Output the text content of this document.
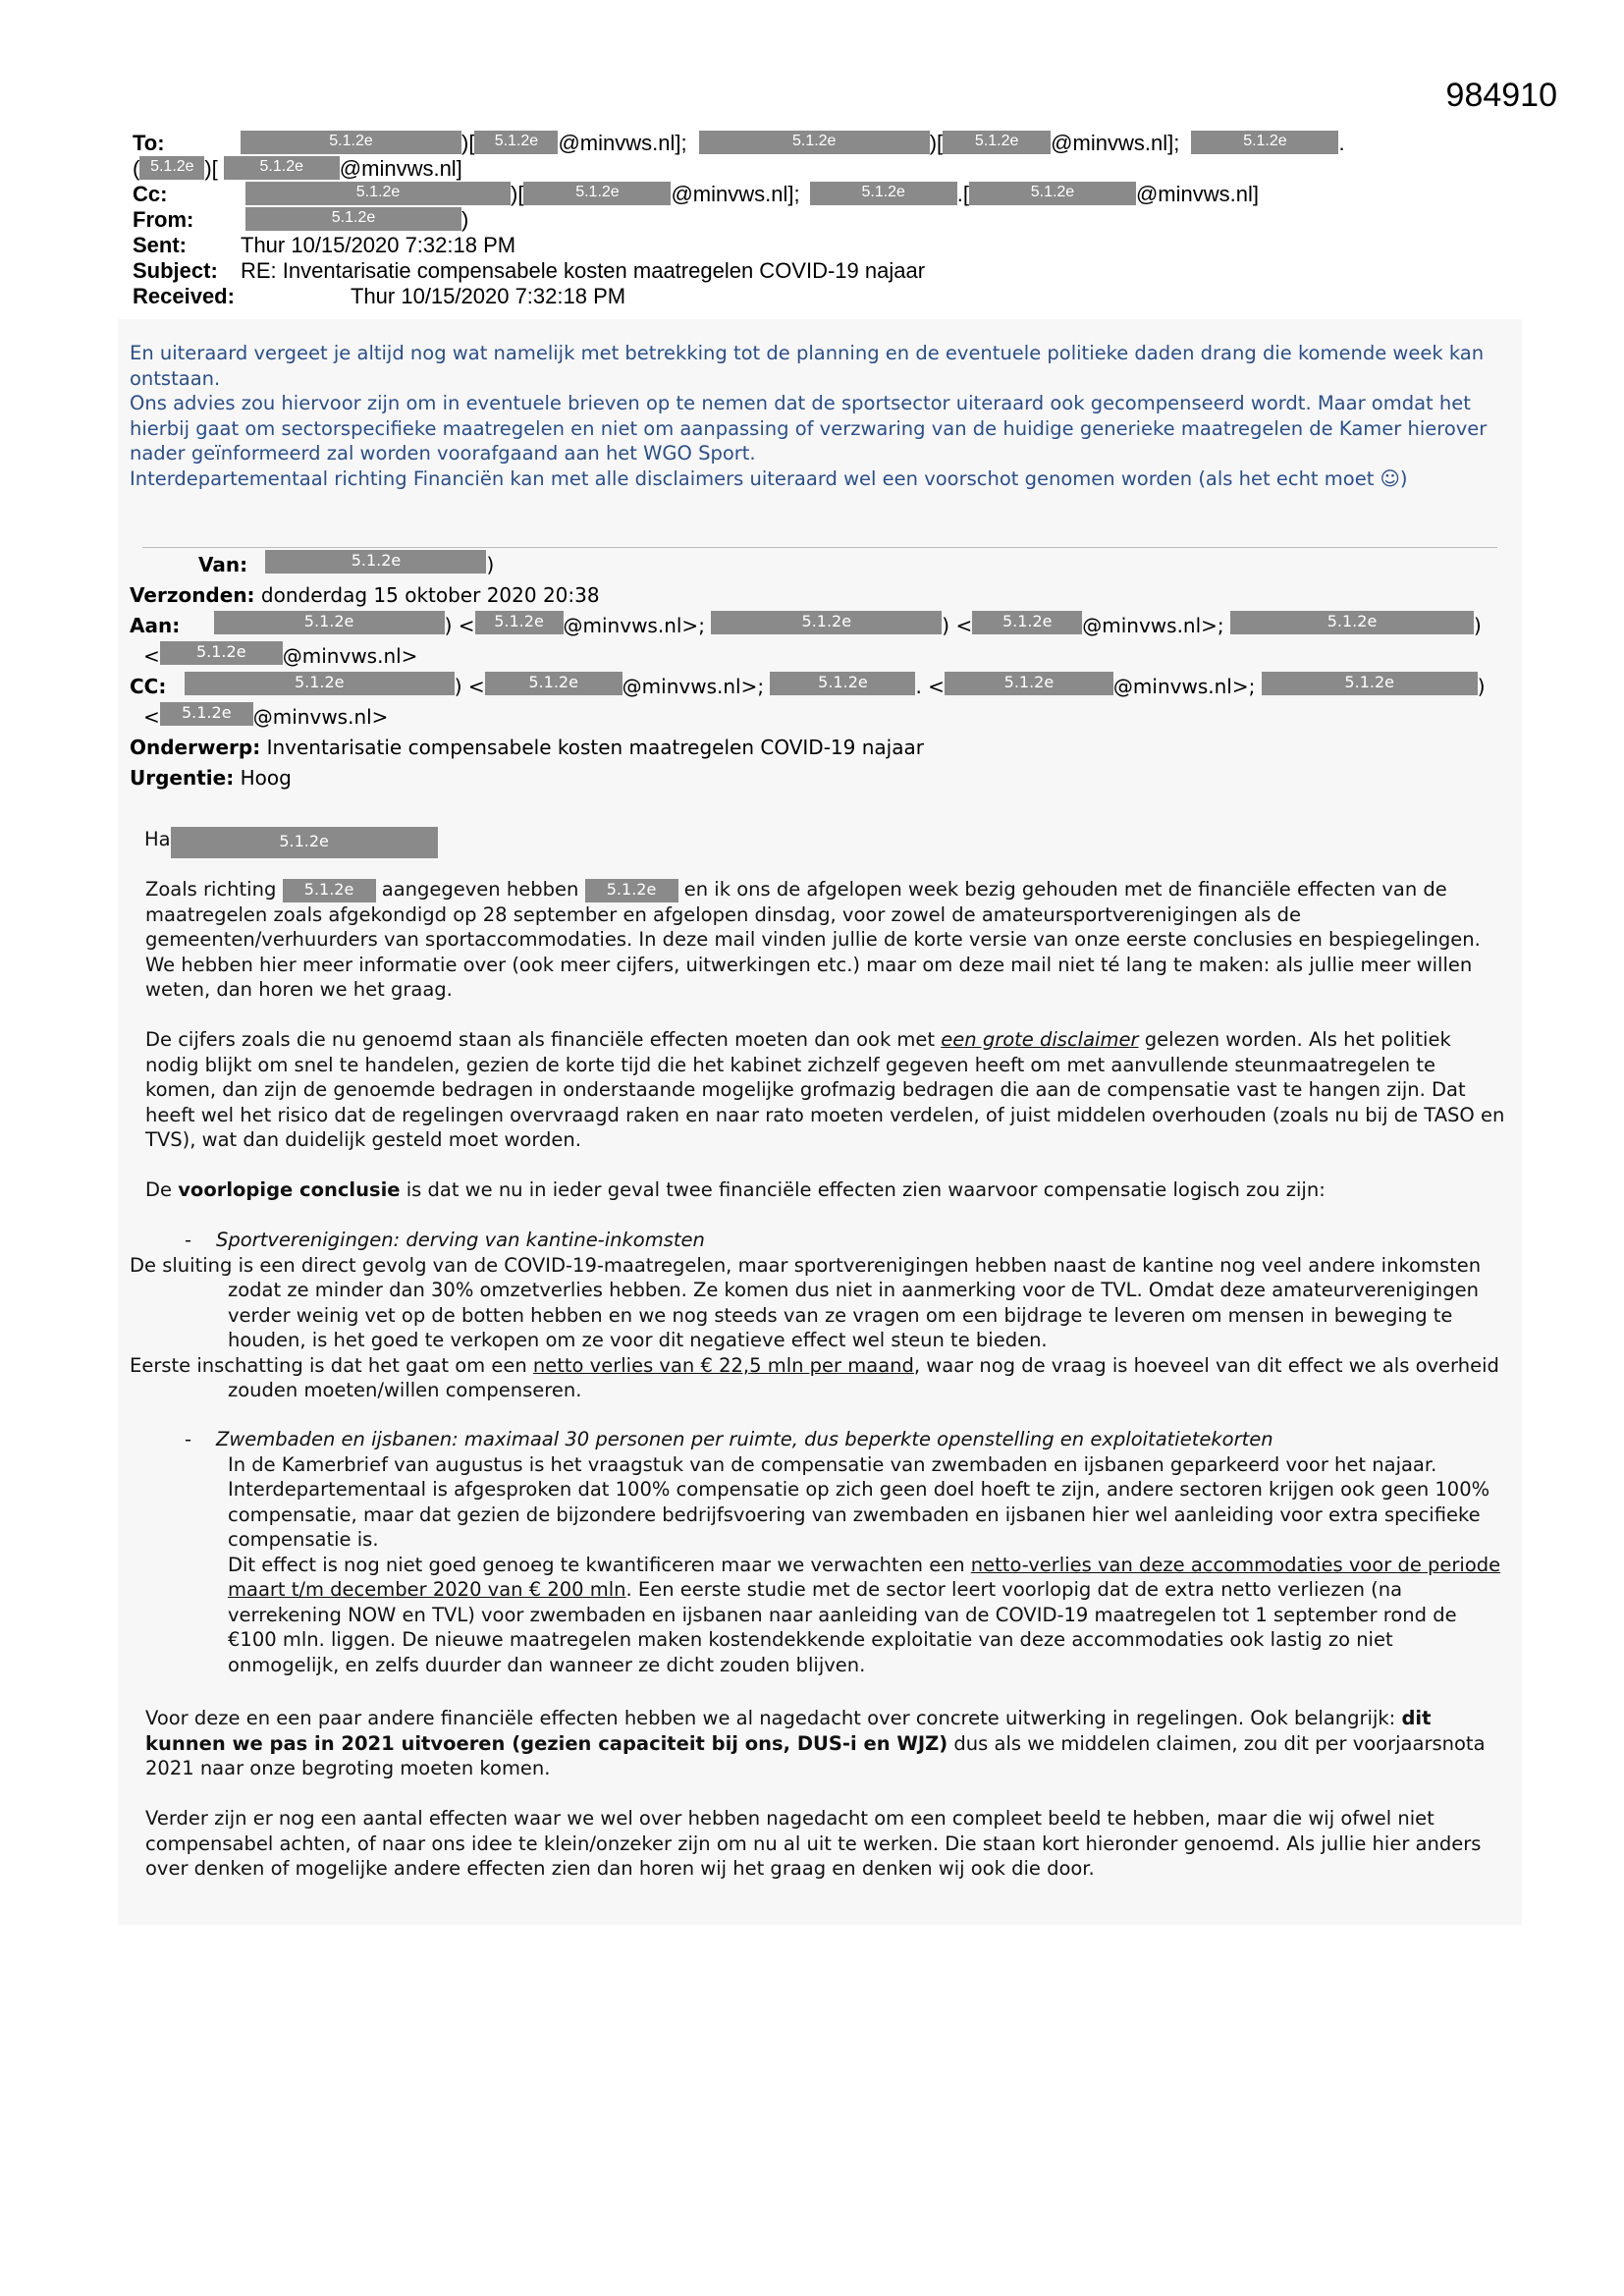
984910
To:	5.1.2e	)[ 5.1.2e @minvws.nl];	5.1.2e	)[ 5.1.2e @minvws.nl];	5.1.2e .
( 5.1.2e )[	5.1.2e @minvws.nl]
Cc:	5.1.2e	)[	5.1.2e @minvws.nl];	5.1.2e .[	5.1.2e	@minvws.nl]
From:	5.1.2e	)
Sent:	Thur 10/15/2020 7:32:18 PM
Subject: RE: Inventarisatie compensabele kosten maatregelen COVID-19 najaar
Received:	Thur 10/15/2020 7:32:18 PM
En uiteraard vergeet je altijd nog wat namelijk met betrekking tot de planning en de eventuele politieke daden drang die komende week kan ontstaan.
Ons advies zou hiervoor zijn om in eventuele brieven op te nemen dat de sportsector uiteraard ook gecompenseerd wordt. Maar omdat het hierbij gaat om sectorspecifieke maatregelen en niet om aanpassing of verzwaring van de huidige generieke maatregelen de Kamer hierover nader geïnformeerd zal worden voorafgaand aan het WGO Sport.
Interdepartementaal richting Financiën kan met alle disclaimers uiteraard wel een voorschot genomen worden (als het echt moet ☺)
Van:	5.1.2e	)
Verzonden: donderdag 15 oktober 2020 20:38
Aan:	5.1.2e	) < 5.1.2e @minvws.nl>;	5.1.2e	) < 5.1.2e @minvws.nl>;	5.1.2e	)
< 5.1.2e @minvws.nl>
CC:	5.1.2e	) <	5.1.2e @minvws.nl>;	5.1.2e . <	5.1.2e	@minvws.nl>;	5.1.2e	)
< 5.1.2e @minvws.nl>
Onderwerp: Inventarisatie compensabele kosten maatregelen COVID-19 najaar
Urgentie: Hoog
Ha	5.1.2e
Zoals richting 5.1.2e aangegeven hebben 5.1.2e en ik ons de afgelopen week bezig gehouden met de financiële effecten van de maatregelen zoals afgekondigd op 28 september en afgelopen dinsdag, voor zowel de amateursportverenigingen als de gemeenten/verhuurders van sportaccommodaties. In deze mail vinden jullie de korte versie van onze eerste conclusies en bespiegelingen. We hebben hier meer informatie over (ook meer cijfers, uitwerkingen etc.) maar om deze mail niet té lang te maken: als jullie meer willen weten, dan horen we het graag.
De cijfers zoals die nu genoemd staan als financiële effecten moeten dan ook met een grote disclaimer gelezen worden. Als het politiek nodig blijkt om snel te handelen, gezien de korte tijd die het kabinet zichzelf gegeven heeft om met aanvullende steunmaatregelen te komen, dan zijn de genoemde bedragen in onderstaande mogelijke grofmazig bedragen die aan de compensatie vast te hangen zijn. Dat heeft wel het risico dat de regelingen overvraagd raken en naar rato moeten verdelen, of juist middelen overhouden (zoals nu bij de TASO en TVS), wat dan duidelijk gesteld moet worden.
De voorlopige conclusie is dat we nu in ieder geval twee financiële effecten zien waarvoor compensatie logisch zou zijn:
- Sportverenigingen: derving van kantine-inkomsten
De sluiting is een direct gevolg van de COVID-19-maatregelen, maar sportverenigingen hebben naast de kantine nog veel andere inkomsten zodat ze minder dan 30% omzetverlies hebben. Ze komen dus niet in aanmerking voor de TVL. Omdat deze amateurverenigingen verder weinig vet op de botten hebben en we nog steeds van ze vragen om een bijdrage te leveren om mensen in beweging te houden, is het goed te verkopen om ze voor dit negatieve effect wel steun te bieden.
Eerste inschatting is dat het gaat om een netto verlies van € 22,5 mln per maand, waar nog de vraag is hoeveel van dit effect we als overheid zouden moeten/willen compenseren.
- Zwembaden en ijsbanen: maximaal 30 personen per ruimte, dus beperkte openstelling en exploitatietekorten
In de Kamerbrief van augustus is het vraagstuk van de compensatie van zwembaden en ijsbanen geparkeerd voor het najaar. Interdepartementaal is afgesproken dat 100% compensatie op zich geen doel hoeft te zijn, andere sectoren krijgen ook geen 100% compensatie, maar dat gezien de bijzondere bedrijfsvoering van zwembaden en ijsbanen hier wel aanleiding voor extra specifieke compensatie is.
Dit effect is nog niet goed genoeg te kwantificeren maar we verwachten een netto-verlies van deze accommodaties voor de periode maart t/m december 2020 van € 200 mln. Een eerste studie met de sector leert voorlopig dat de extra netto verliezen (na verrekening NOW en TVL) voor zwembaden en ijsbanen naar aanleiding van de COVID-19 maatregelen tot 1 september rond de €100 mln. liggen. De nieuwe maatregelen maken kostendekkende exploitatie van deze accommodaties ook lastig zo niet onmogelijk, en zelfs duurder dan wanneer ze dicht zouden blijven.
Voor deze en een paar andere financiële effecten hebben we al nagedacht over concrete uitwerking in regelingen. Ook belangrijk: dit kunnen we pas in 2021 uitvoeren (gezien capaciteit bij ons, DUS-i en WJZ) dus als we middelen claimen, zou dit per voorjaarsnota 2021 naar onze begroting moeten komen.
Verder zijn er nog een aantal effecten waar we wel over hebben nagedacht om een compleet beeld te hebben, maar die wij ofwel niet compensabel achten, of naar ons idee te klein/onzeker zijn om nu al uit te werken. Die staan kort hieronder genoemd. Als jullie hier anders over denken of mogelijke andere effecten zien dan horen wij het graag en denken wij ook die door.
